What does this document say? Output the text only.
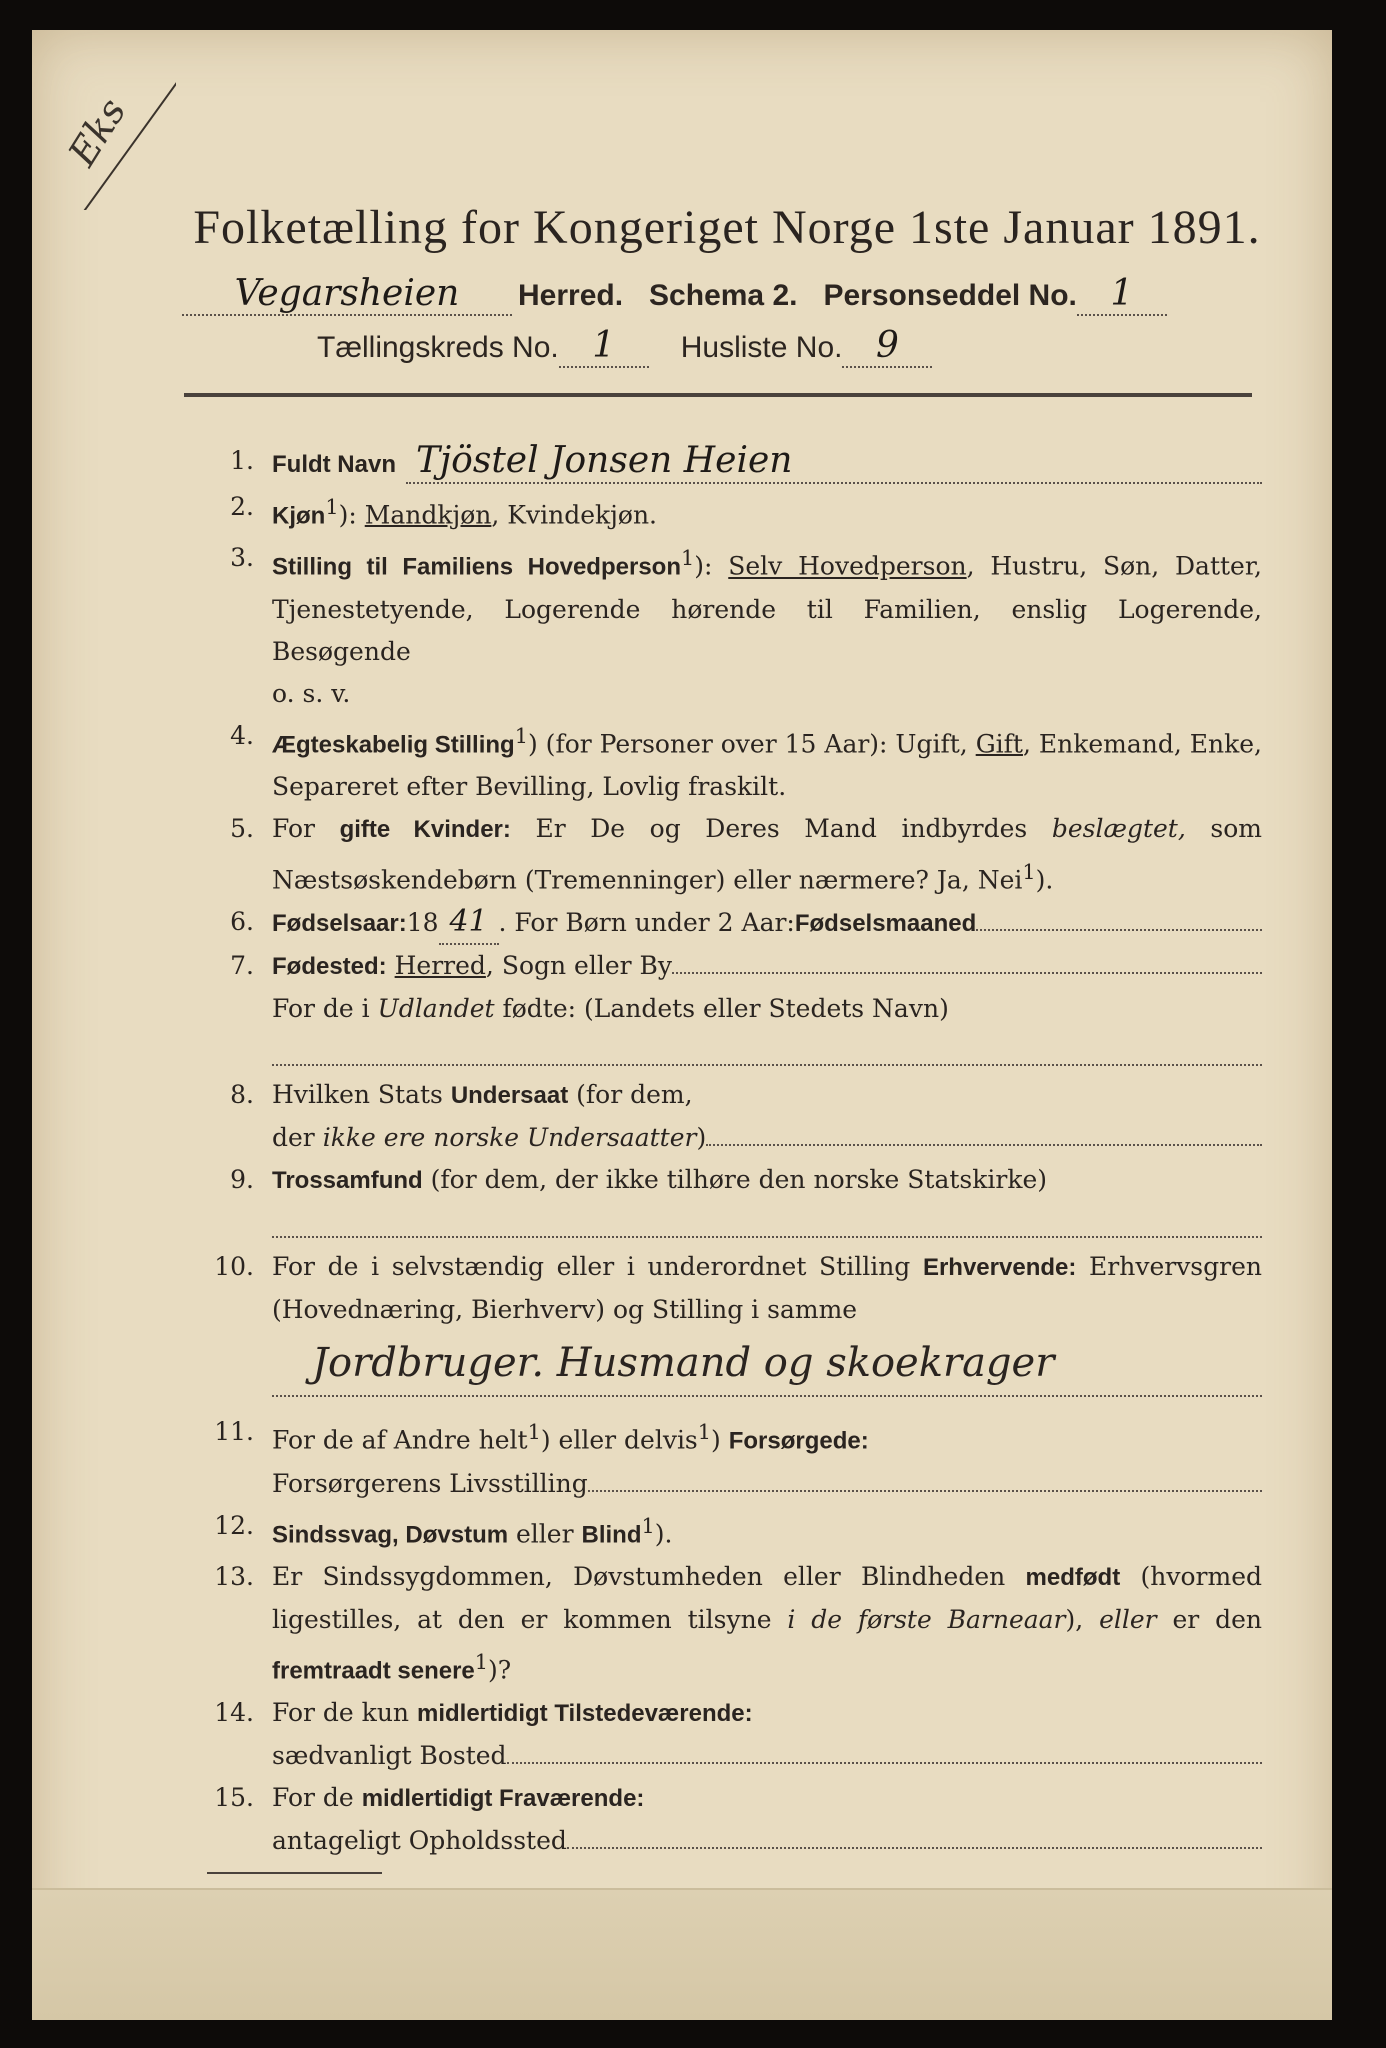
Eks
Folketælling for Kongeriget Norge 1ste Januar 1891.
Vegarsheien	Herred. Schema 2. Personseddel No. 1
Tællingskreds No. 1	Husliste No. 9
1. Fuldt Navn Tjöstel Jonsen Heien
2. Kjøn$^1$): Mandkjøn, Kvindekjøn.
3. Stilling til Familiens Hovedperson$^1$): Selv Hovedperson, Hustru, Søn, Datter, Tjenestetyende, Logerende hørende til Familien, enslig Logerende, Besøgende
o. s. v.
4. Ægteskabelig Stilling$^1$) (for Personer over 15 Aar): Ugift, Gift, Enkemand, Enke, Separeret efter Bevilling, Lovlig fraskilt.
5. For gifte Kvinder: Er De og Deres Mand indbyrdes beslægtet, som Næstsøskendebørn (Tremenninger) eller nærmere? Ja, Nei$^1$).
6. Fødselsaar: 18 41 . For Børn under 2 Aar: Fødselsmaaned
7. Fødested:
Herred , Sogn eller By
For de i Udlandet fødte: (Landets eller Stedets Navn)
8. Hvilken Stats Undersaat (for dem,

der
ikke ere norske Undersaatter )
9. Trossamfund (for dem, der ikke tilhøre den norske Statskirke)
10. For de i selvstændig eller i underordnet Stilling Erhvervende: Erhvervsgren (Hovednæring, Bierhverv) og Stilling i samme
Jordbruger. Husmand og skoekrager
11. For de af Andre helt$^1$) eller delvis$^1$) Forsørgede:

Forsørgerens Livsstilling
12. Sindssvag, Døvstum eller Blind$^1$).
13. Er Sindssygdommen, Døvstumheden eller Blindheden medfødt (hvormed ligestilles, at den er kommen tilsyne i de første Barneaar), eller er den fremtraadt senere$^1$)?
14. For de kun midlertidigt Tilstedeværende:

sædvanligt Bosted
15. For de midlertidigt Fraværende:

antageligt Opholdssted
